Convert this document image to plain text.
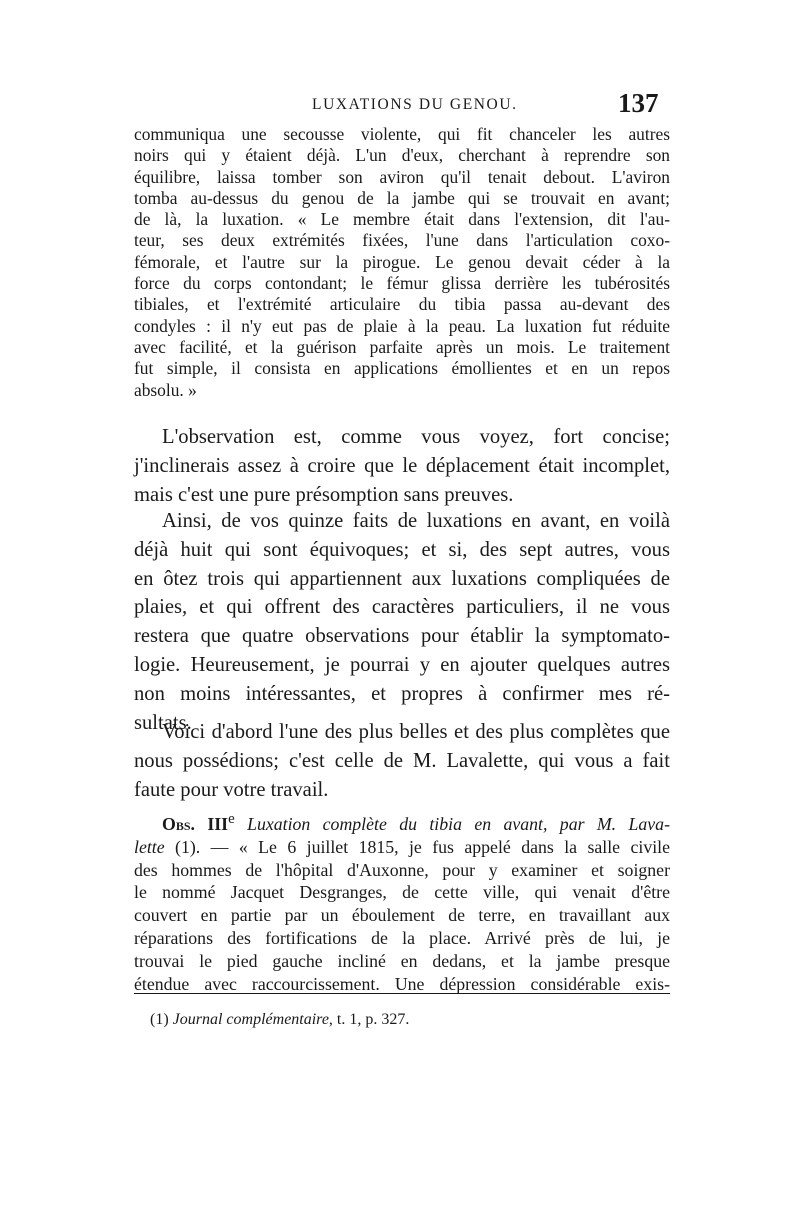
LUXATIONS DU GENOU.	137
communiqua une secousse violente, qui fit chanceler les autres
noirs qui y étaient déjà. L'un d'eux, cherchant à reprendre son
équilibre, laissa tomber son aviron qu'il tenait debout. L'aviron
tomba au-dessus du genou de la jambe qui se trouvait en avant;
de là, la luxation. « Le membre était dans l'extension, dit l'au-
teur, ses deux extrémités fixées, l'une dans l'articulation coxo-
fémorale, et l'autre sur la pirogue. Le genou devait céder à la
force du corps contondant; le fémur glissa derrière les tubérosités
tibiales, et l'extrémité articulaire du tibia passa au-devant des
condyles : il n'y eut pas de plaie à la peau. La luxation fut réduite
avec facilité, et la guérison parfaite après un mois. Le traitement
fut simple, il consista en applications émollientes et en un repos
absolu. »
L'observation est, comme vous voyez, fort concise;
j'inclinerais assez à croire que le déplacement était incomplet,
mais c'est une pure présomption sans preuves.
Ainsi, de vos quinze faits de luxations en avant, en voilà
déjà huit qui sont équivoques; et si, des sept autres, vous
en ôtez trois qui appartiennent aux luxations compliquées de
plaies, et qui offrent des caractères particuliers, il ne vous
restera que quatre observations pour établir la symptomato-
logie. Heureusement, je pourrai y en ajouter quelques autres
non moins intéressantes, et propres à confirmer mes ré-
sultats.
Voici d'abord l'une des plus belles et des plus complètes que
nous possédions; c'est celle de M. Lavalette, qui vous a fait
faute pour votre travail.
Obs. IIIe Luxation complète du tibia en avant, par M. Lava-
lette (1). — « Le 6 juillet 1815, je fus appelé dans la salle civile
des hommes de l'hôpital d'Auxonne, pour y examiner et soigner
le nommé Jacquet Desgranges, de cette ville, qui venait d'être
couvert en partie par un éboulement de terre, en travaillant aux
réparations des fortifications de la place. Arrivé près de lui, je
trouvai le pied gauche incliné en dedans, et la jambe presque
étendue avec raccourcissement. Une dépression considérable exis-
(1) Journal complémentaire, t. 1, p. 327.
